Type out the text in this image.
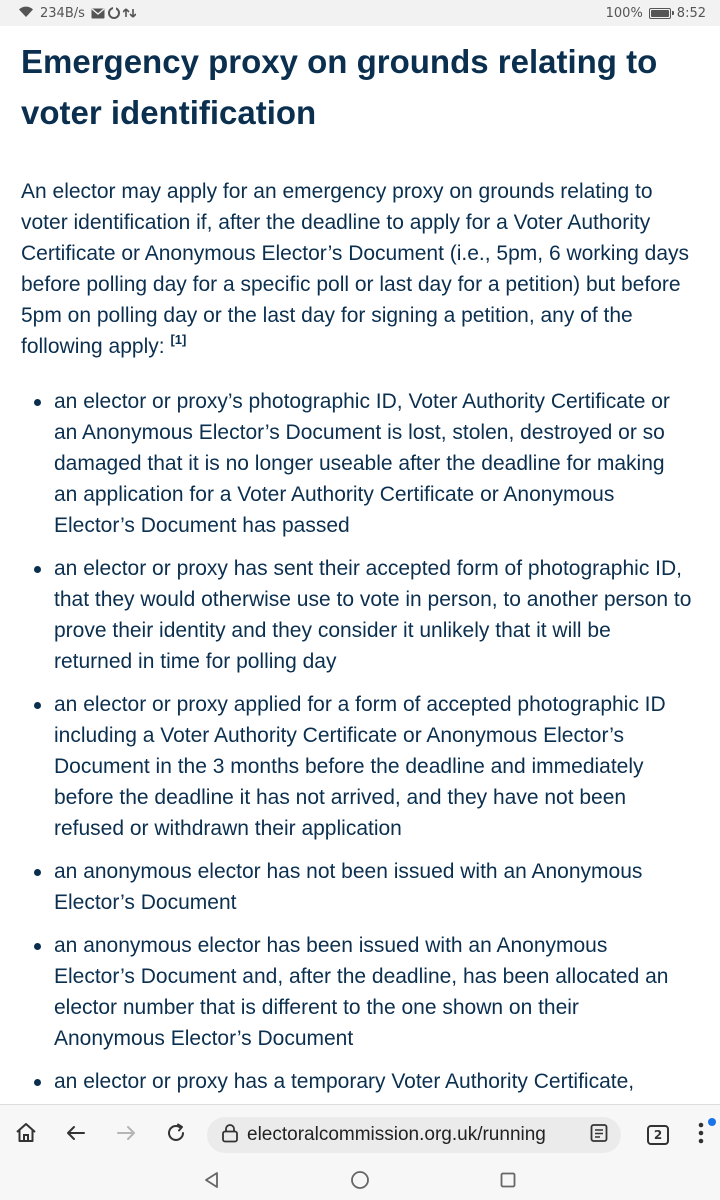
234B/s	100%	8:52
Emergency proxy on grounds relating to voter identification

An elector may apply for an emergency proxy on grounds relating to voter identification if, after the deadline to apply for a Voter Authority Certificate or Anonymous Elector’s Document (i.e., 5pm, 6 working days before polling day for a specific poll or last day for a petition) but before 5pm on polling day or the last day for signing a petition, any of the following apply: [1]

an elector or proxy’s photographic ID, Voter Authority Certificate or an Anonymous Elector’s Document is lost, stolen, destroyed or so damaged that it is no longer useable after the deadline for making an application for a Voter Authority Certificate or Anonymous Elector’s Document has passed
an elector or proxy has sent their accepted form of photographic ID, that they would otherwise use to vote in person, to another person to prove their identity and they consider it unlikely that it will be returned in time for polling day
an elector or proxy applied for a form of accepted photographic ID including a Voter Authority Certificate or Anonymous Elector’s Document in the 3 months before the deadline and immediately before the deadline it has not arrived, and they have not been refused or withdrawn their application
an anonymous elector has not been issued with an Anonymous Elector’s Document
an anonymous elector has been issued with an Anonymous Elector’s Document and, after the deadline, has been allocated an elector number that is different to the one shown on their Anonymous Elector’s Document
an elector or proxy has a temporary Voter Authority Certificate,
electoralcommission.org.uk/running	2
